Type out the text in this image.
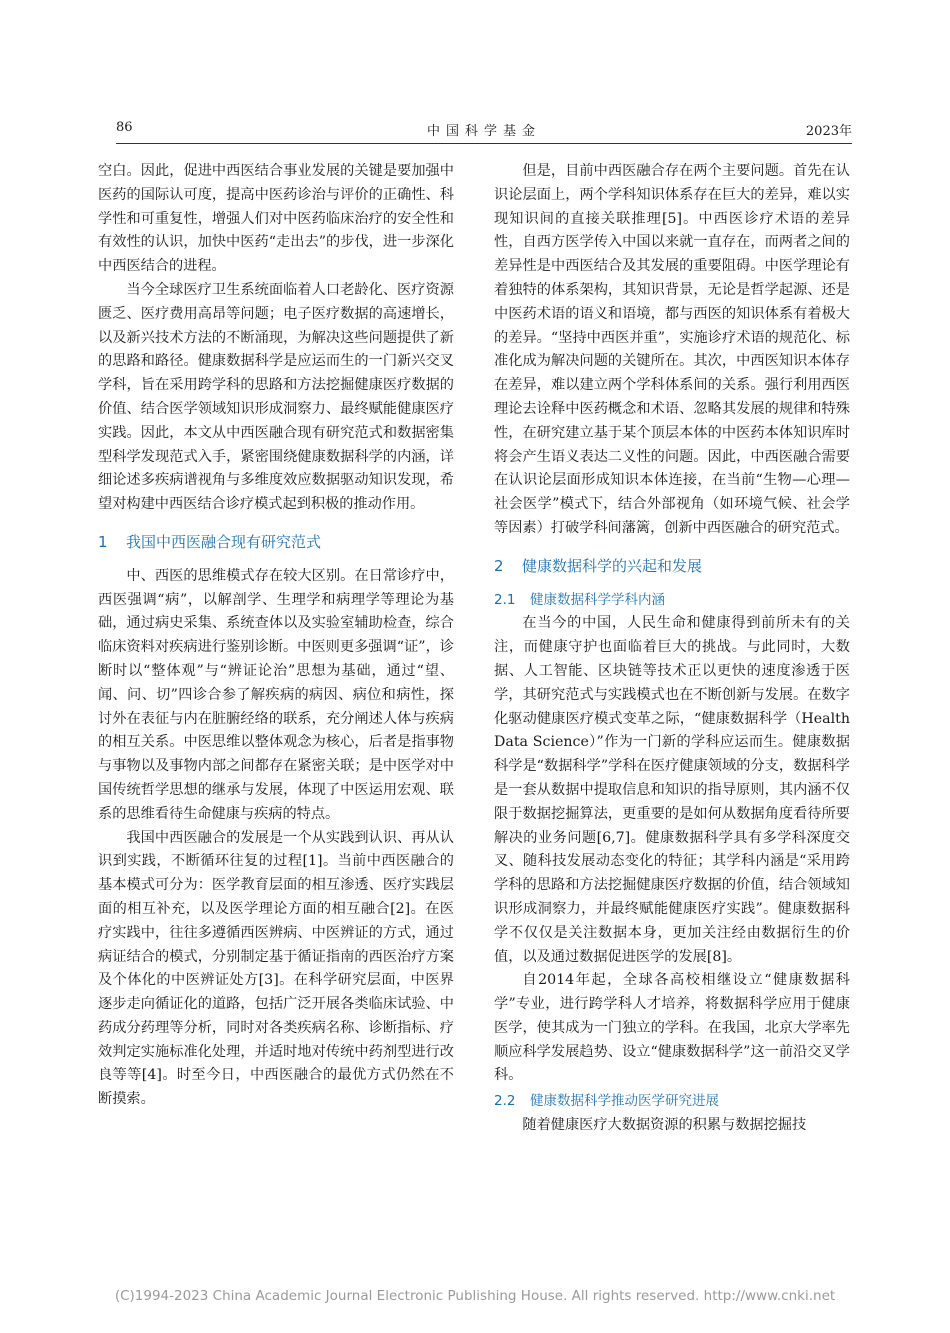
86	中国科学基金	2023年

空白。因此，促进中西医结合事业发展的关键是要加强中医药的国际认可度，提高中医药诊治与评价的正确性、科学性和可重复性，增强人们对中医药临床治疗的安全性和有效性的认识，加快中医药“走出去”的步伐，进一步深化中西医结合的进程。

当今全球医疗卫生系统面临着人口老龄化、医疗资源匮乏、医疗费用高昂等问题；电子医疗数据的高速增长，以及新兴技术方法的不断涌现，为解决这些问题提供了新的思路和路径。健康数据科学是应运而生的一门新兴交叉学科，旨在采用跨学科的思路和方法挖掘健康医疗数据的价值、结合医学领域知识形成洞察力、最终赋能健康医疗实践。因此，本文从中西医融合现有研究范式和数据密集型科学发现范式入手，紧密围绕健康数据科学的内涵，详细论述多疾病谱视角与多维度效应数据驱动知识发现，希望对构建中西医结合诊疗模式起到积极的推动作用。

1 我国中西医融合现有研究范式

中、西医的思维模式存在较大区别。在日常诊疗中，西医强调“病”，以解剖学、生理学和病理学等理论为基础，通过病史采集、系统查体以及实验室辅助检查，综合临床资料对疾病进行鉴别诊断。中医则更多强调“证”，诊断时以“整体观”与“辨证论治”思想为基础，通过“望、闻、问、切”四诊合参了解疾病的病因、病位和病性，探讨外在表征与内在脏腑经络的联系，充分阐述人体与疾病的相互关系。中医思维以整体观念为核心，后者是指事物与事物以及事物内部之间都存在紧密关联；是中医学对中国传统哲学思想的继承与发展，体现了中医运用宏观、联系的思维看待生命健康与疾病的特点。

我国中西医融合的发展是一个从实践到认识、再从认识到实践，不断循环往复的过程[1]。当前中西医融合的基本模式可分为：医学教育层面的相互渗透、医疗实践层面的相互补充，以及医学理论方面的相互融合[2]。在医疗实践中，往往多遵循西医辨病、中医辨证的方式，通过病证结合的模式，分别制定基于循证指南的西医治疗方案及个体化的中医辨证处方[3]。在科学研究层面，中医界逐步走向循证化的道路，包括广泛开展各类临床试验、中药成分药理等分析，同时对各类疾病名称、诊断指标、疗效判定实施标准化处理，并适时地对传统中药剂型进行改良等等[4]。时至今日，中西医融合的最优方式仍然在不断摸索。

但是，目前中西医融合存在两个主要问题。首先在认识论层面上，两个学科知识体系存在巨大的差异，难以实现知识间的直接关联推理[5]。中西医诊疗术语的差异性，自西方医学传入中国以来就一直存在，而两者之间的差异性是中西医结合及其发展的重要阻碍。中医学理论有着独特的体系架构，其知识背景，无论是哲学起源、还是中医药术语的语义和语境，都与西医的知识体系有着极大的差异。“坚持中西医并重”，实施诊疗术语的规范化、标准化成为解决问题的关键所在。其次，中西医知识本体存在差异，难以建立两个学科体系间的关系。强行利用西医理论去诠释中医药概念和术语、忽略其发展的规律和特殊性，在研究建立基于某个顶层本体的中医药本体知识库时将会产生语义表达二义性的问题。因此，中西医融合需要在认识论层面形成知识本体连接，在当前“生物—心理—社会医学”模式下，结合外部视角（如环境气候、社会学等因素）打破学科间藩篱，创新中西医融合的研究范式。

2 健康数据科学的兴起和发展
2.1 健康数据科学学科内涵

在当今的中国，人民生命和健康得到前所未有的关注，而健康守护也面临着巨大的挑战。与此同时，大数据、人工智能、区块链等技术正以更快的速度渗透于医学，其研究范式与实践模式也在不断创新与发展。在数字化驱动健康医疗模式变革之际，“健康数据科学（Health Data Science）”作为一门新的学科应运而生。健康数据科学是“数据科学”学科在医疗健康领域的分支，数据科学是一套从数据中提取信息和知识的指导原则，其内涵不仅限于数据挖掘算法，更重要的是如何从数据角度看待所要解决的业务问题[6,7]。健康数据科学具有多学科深度交叉、随科技发展动态变化的特征；其学科内涵是“采用跨学科的思路和方法挖掘健康医疗数据的价值，结合领域知识形成洞察力，并最终赋能健康医疗实践”。健康数据科学不仅仅是关注数据本身，更加关注经由数据衍生的价值，以及通过数据促进医学的发展[8]。

自2014年起，全球各高校相继设立“健康数据科学”专业，进行跨学科人才培养，将数据科学应用于健康医学，使其成为一门独立的学科。在我国，北京大学率先顺应科学发展趋势、设立“健康数据科学”这一前沿交叉学科。

2.2 健康数据科学推动医学研究进展

随着健康医疗大数据资源的积累与数据挖掘技

(C)1994-2023 China Academic Journal Electronic Publishing House. All rights reserved. http://www.cnki.net
